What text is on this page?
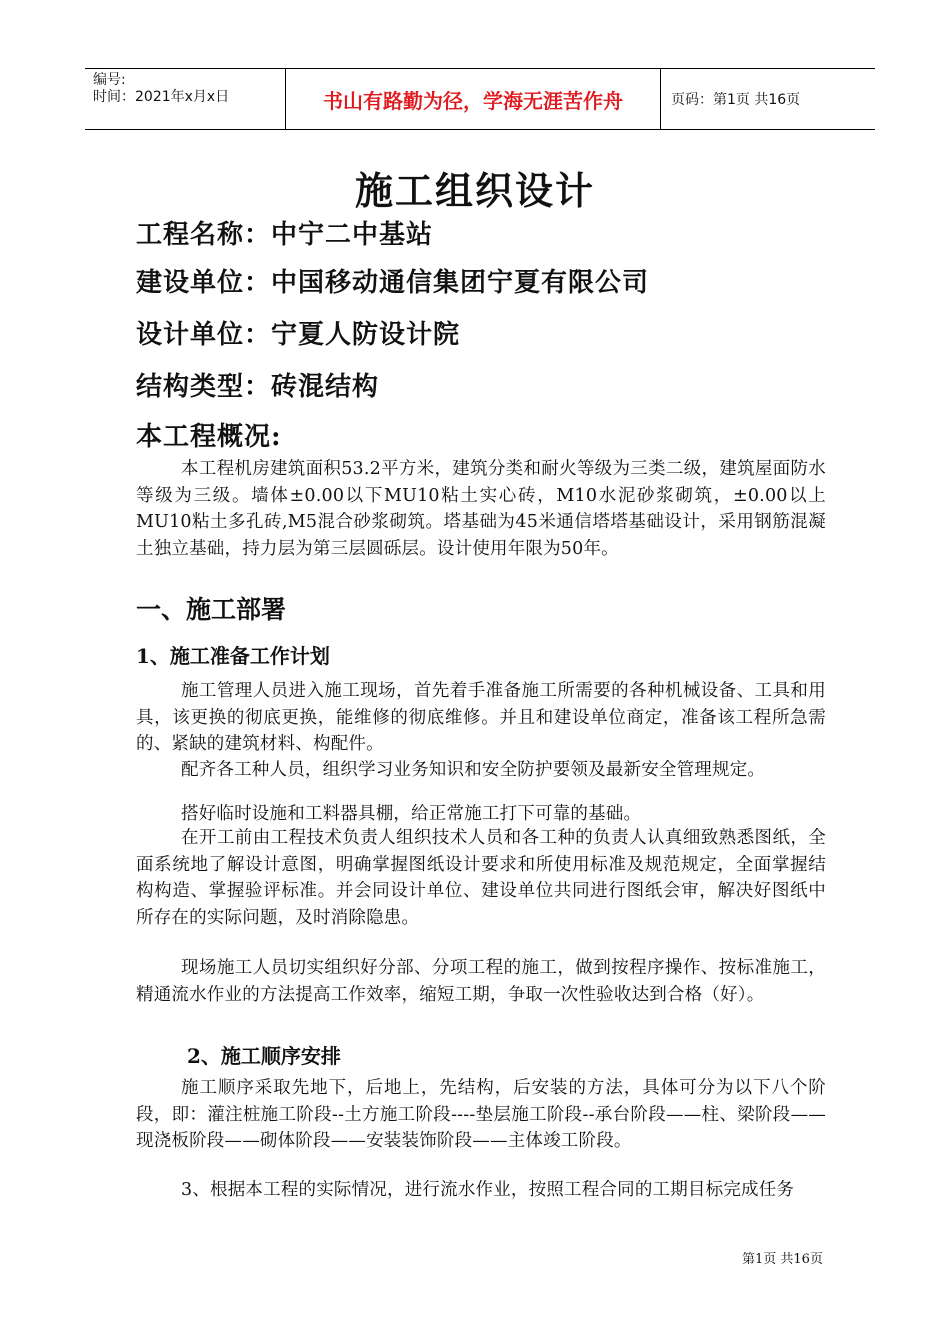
编号:
时间：2021年x月x日	书山有路勤为径，学海无涯苦作舟	页码：第1页 共16页
施工组织设计
工程名称：中宁二中基站
建设单位：中国移动通信集团宁夏有限公司
设计单位：宁夏人防设计院
结构类型：砖混结构
本工程概况:
本工程机房建筑面积53.2平方米，建筑分类和耐火等级为三类二级，建筑屋面防水等级为三级。墙体±0.00以下MU10粘土实心砖，M10水泥砂浆砌筑，±0.00以上MU10粘土多孔砖,M5混合砂浆砌筑。塔基础为45米通信塔塔基础设计，采用钢筋混凝土独立基础，持力层为第三层圆砾层。设计使用年限为50年。
一、施工部署
1、施工准备工作计划
施工管理人员进入施工现场，首先着手准备施工所需要的各种机械设备、工具和用具，该更换的彻底更换，能维修的彻底维修。并且和建设单位商定，准备该工程所急需的、紧缺的建筑材料、构配件。
配齐各工种人员，组织学习业务知识和安全防护要领及最新安全管理规定。
搭好临时设施和工料器具棚，给正常施工打下可靠的基础。
在开工前由工程技术负责人组织技术人员和各工种的负责人认真细致熟悉图纸，全面系统地了解设计意图，明确掌握图纸设计要求和所使用标准及规范规定，全面掌握结构构造、掌握验评标准。并会同设计单位、建设单位共同进行图纸会审，解决好图纸中所存在的实际问题，及时消除隐患。
现场施工人员切实组织好分部、分项工程的施工，做到按程序操作、按标准施工，精通流水作业的方法提高工作效率，缩短工期，争取一次性验收达到合格（好）。
2、施工顺序安排
施工顺序采取先地下，后地上，先结构，后安装的方法，具体可分为以下八个阶段，即：灌注桩施工阶段--土方施工阶段----垫层施工阶段--承台阶段——柱、梁阶段——现浇板阶段——砌体阶段——安装装饰阶段——主体竣工阶段。
3、根据本工程的实际情况，进行流水作业，按照工程合同的工期目标完成任务
第1页 共16页
